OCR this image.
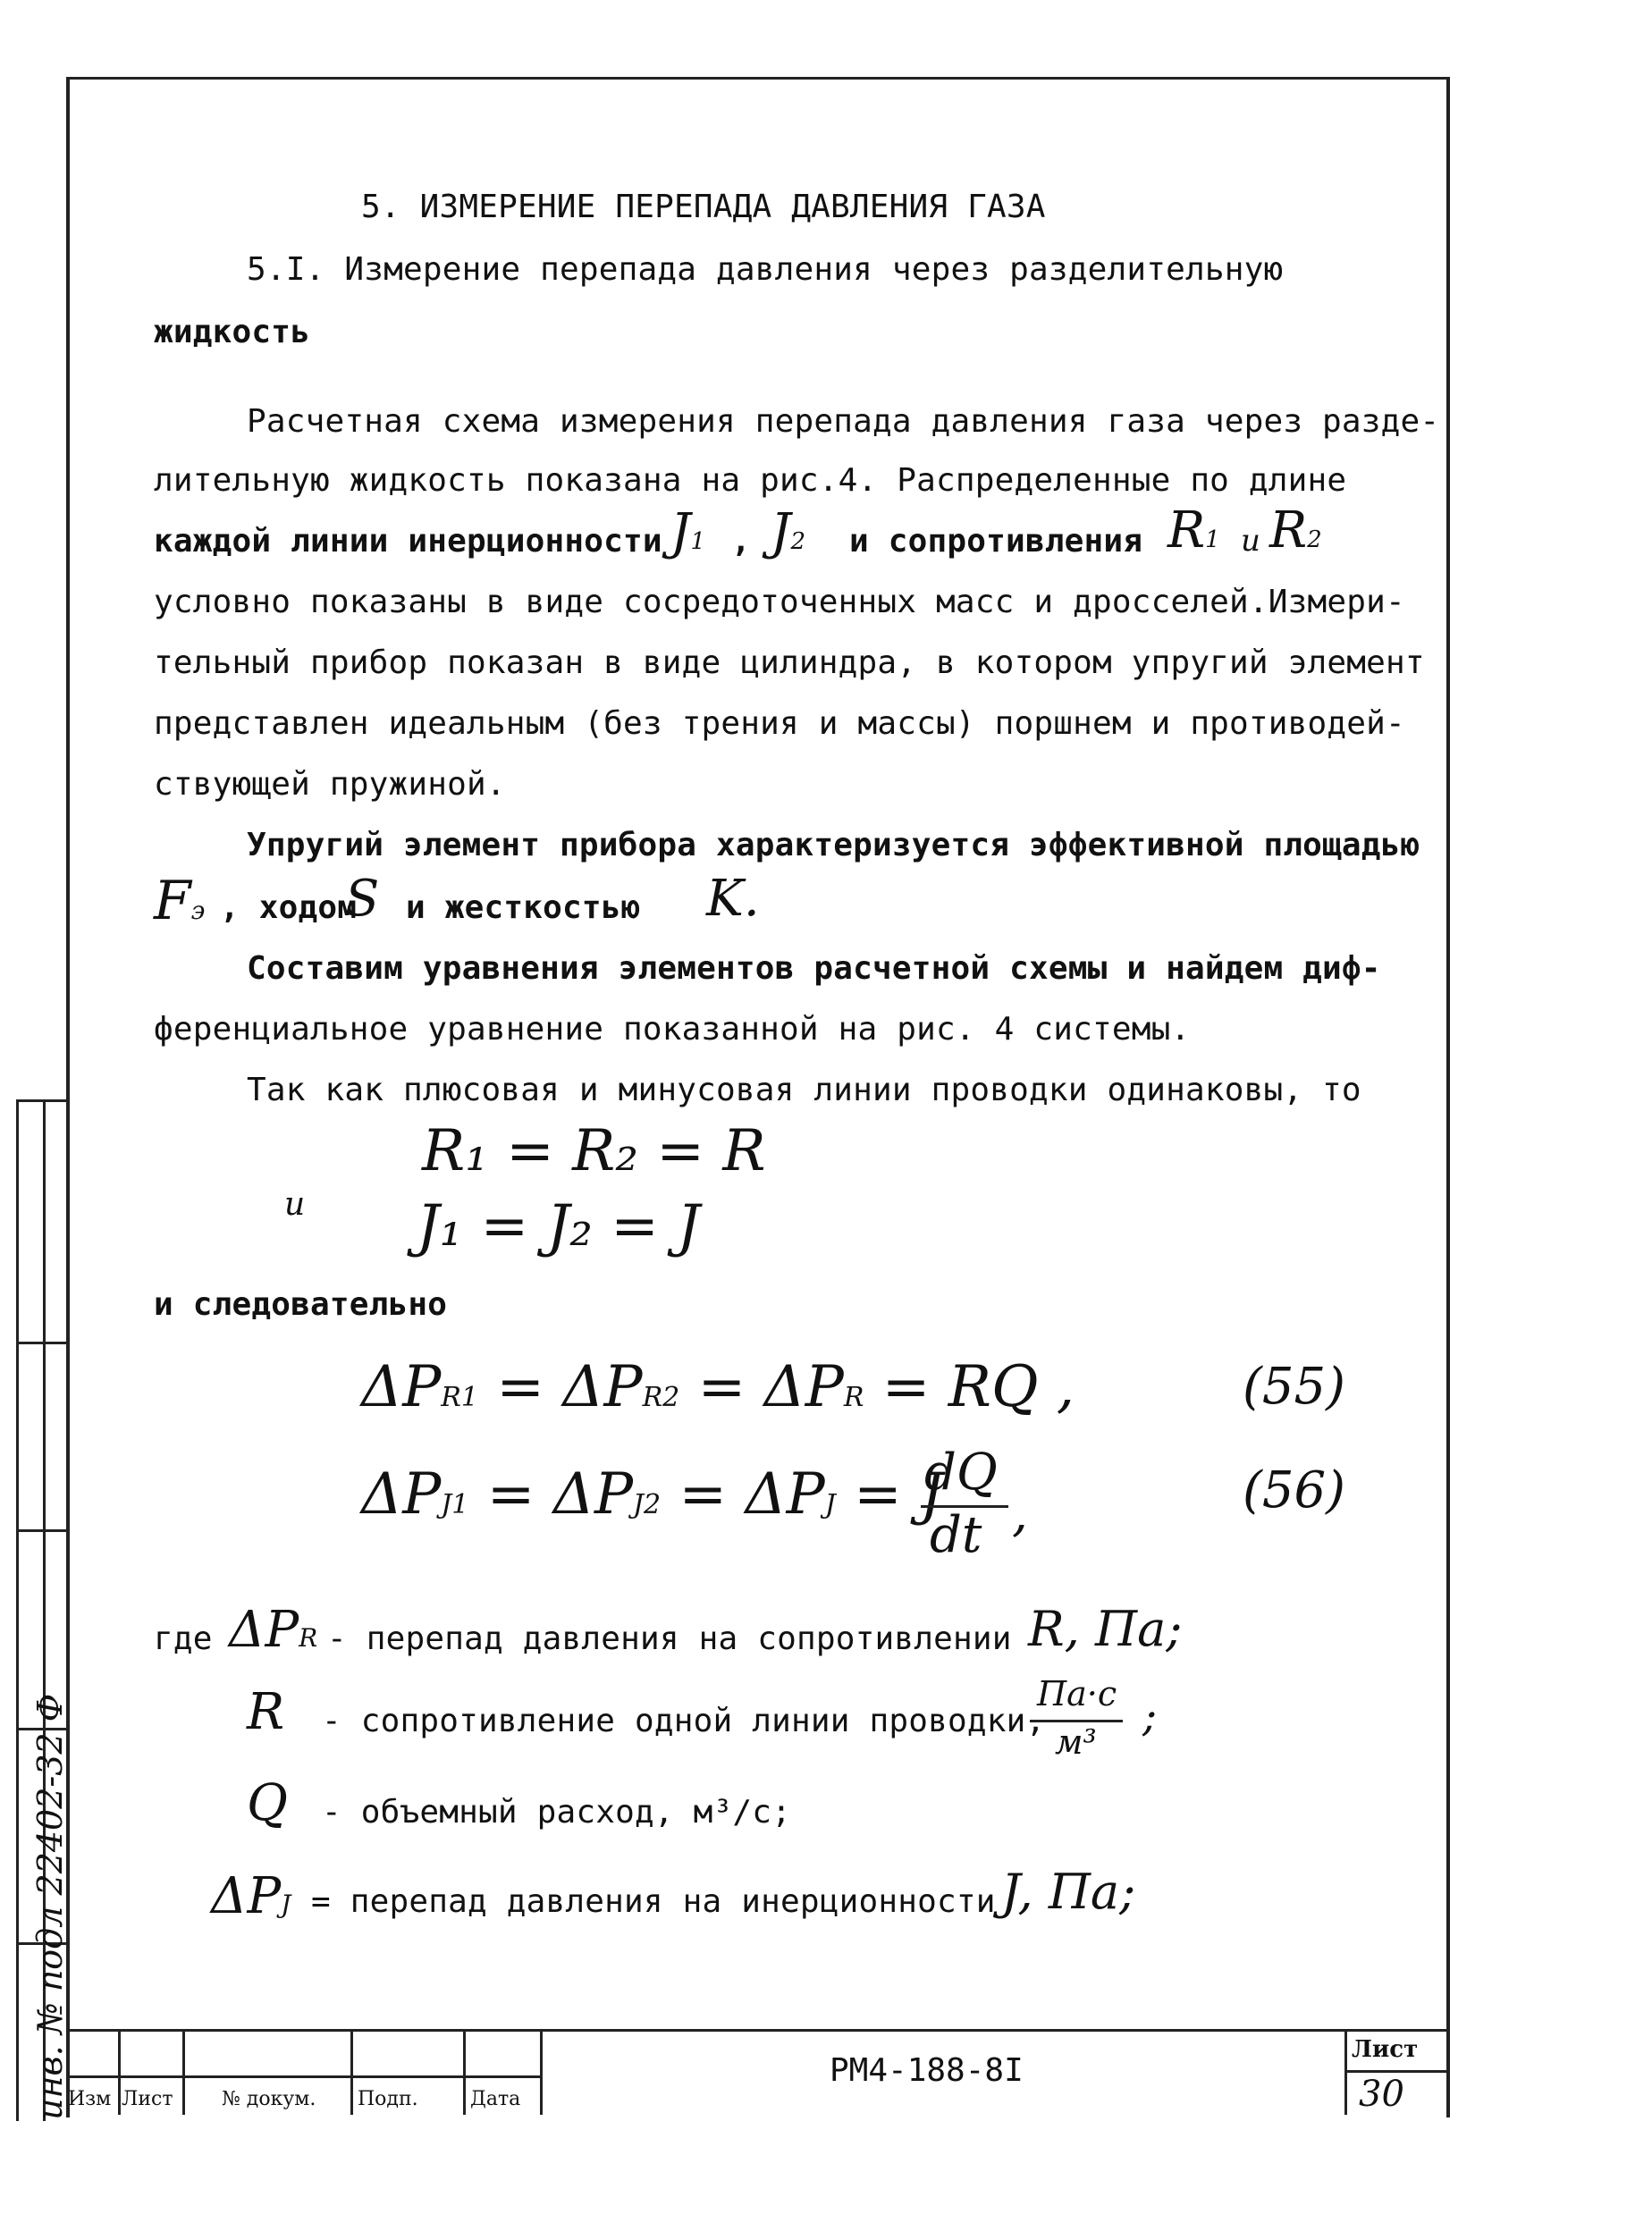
5. ИЗМЕРЕНИЕ ПЕРЕПАДА ДАВЛЕНИЯ ГАЗА
5.I. Измерение перепада давления через разделительную
жидкость
Расчетная схема измерения перепада давления газа через разде-
лительную жидкость показана на рис.4. Распределенные по длине
каждой линии инерционности J1 , J2 и сопротивления R1 и R2
условно показаны в виде сосредоточенных масс и дросселей.Измери-
тельный прибор показан в виде цилиндра, в котором упругий элемент
представлен идеальным (без трения и массы) поршнем и противодей-
ствующей пружиной.
Упругий элемент прибора характеризуется эффективной площадью
Fэ , ходом
S и жесткостью K.
Составим уравнения элементов расчетной схемы и найдем диф-
ференциальное уравнение показанной на рис. 4 системы.
Так как плюсовая и минусовая линии проводки одинаковы, то
и
R₁ = R₂ = R
J₁ = J₂ = J
и следовательно
ΔPR1 = ΔPR2 = ΔPR = RQ ,	(55)
ΔPJ1 = ΔPJ2 = ΔPJ = J
dQ
dt ,	(56)
где ΔPR - перепад давления на сопротивлении R, Па;
R - сопротивление одной линии проводки,
Па·с
м³
;
Q - объемный расход, м³/с;
ΔPJ = перепад давления на инерционности J, Па;
инв. № подл 22402-32 Ф
Изм Лист № докум. Подп.	Дата
РМ4-188-8I
Лист
30
